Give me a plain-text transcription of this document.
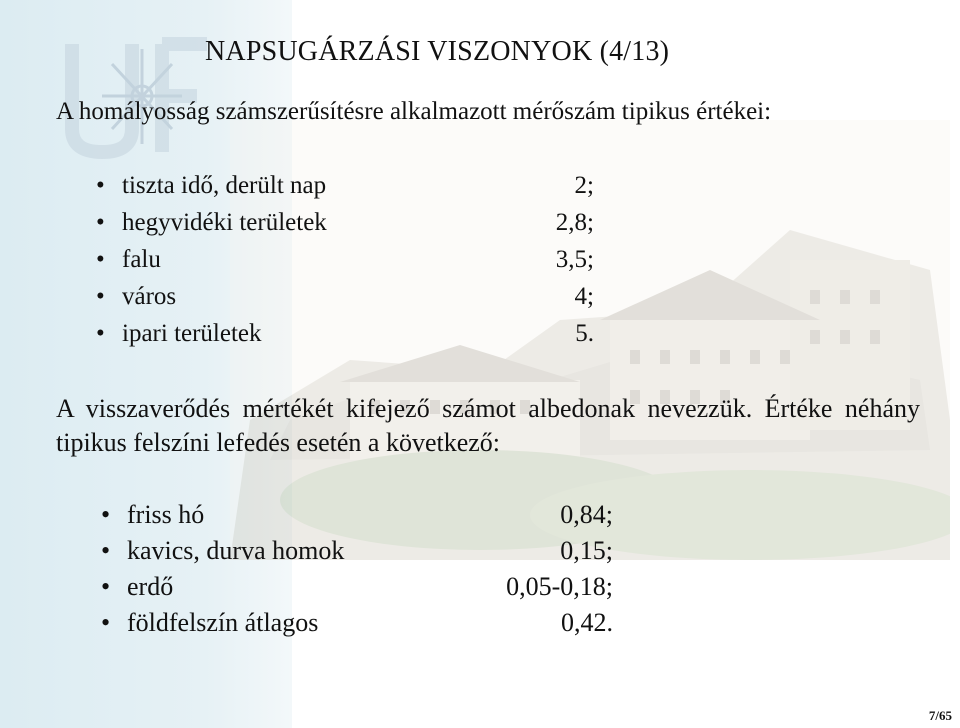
NAPSUGÁRZÁSI VISZONYOK (4/13)
A homályosság számszerűsítésre alkalmazott mérőszám tipikus értékei:
• tiszta idő, derült nap	2;
• hegyvidéki területek	2,8;
• falu	3,5;
• város	4;
• ipari területek	5.
A visszaverődés mértékét kifejező számot albedonak nevezzük. Értéke néhány tipikus felszíni lefedés esetén a következő:
• friss hó	0,84;
• kavics, durva homok	0,15;
• erdő	0,05-0,18;
• földfelszín átlagos	0,42.
7/65
